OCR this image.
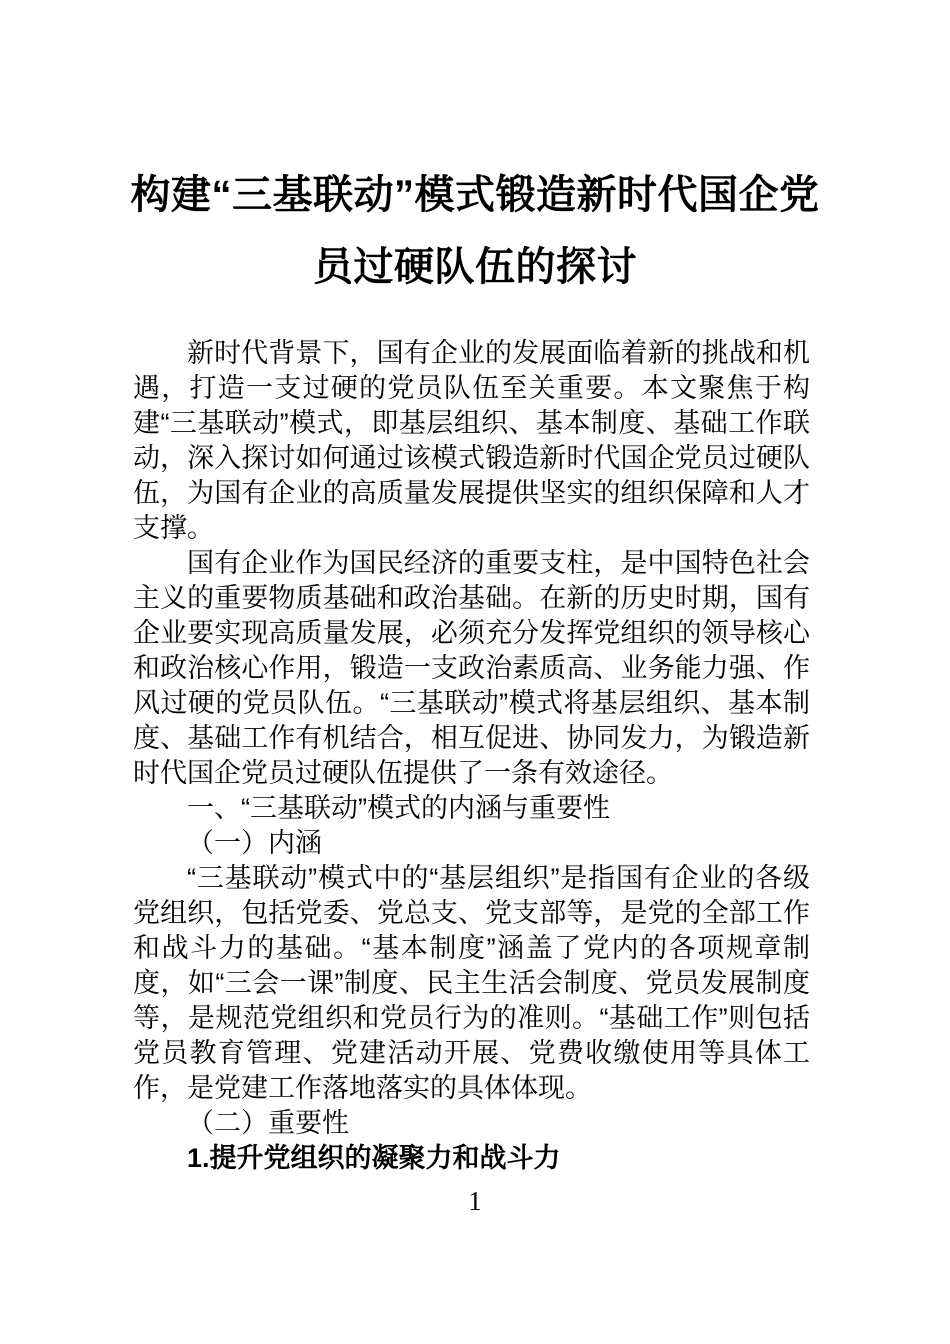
构建“三基联动”模式锻造新时代国企党员过硬队伍的探讨

新时代背景下，国有企业的发展面临着新的挑战和机遇，打造一支过硬的党员队伍至关重要。本文聚焦于构建“三基联动”模式，即基层组织、基本制度、基础工作联动，深入探讨如何通过该模式锻造新时代国企党员过硬队伍，为国有企业的高质量发展提供坚实的组织保障和人才支撑。

国有企业作为国民经济的重要支柱，是中国特色社会主义的重要物质基础和政治基础。在新的历史时期，国有企业要实现高质量发展，必须充分发挥党组织的领导核心和政治核心作用，锻造一支政治素质高、业务能力强、作风过硬的党员队伍。“三基联动”模式将基层组织、基本制度、基础工作有机结合，相互促进、协同发力，为锻造新时代国企党员过硬队伍提供了一条有效途径。

一、“三基联动”模式的内涵与重要性

（一）内涵

“三基联动”模式中的“基层组织”是指国有企业的各级党组织，包括党委、党总支、党支部等，是党的全部工作和战斗力的基础。“基本制度”涵盖了党内的各项规章制度，如“三会一课”制度、民主生活会制度、党员发展制度等，是规范党组织和党员行为的准则。“基础工作”则包括党员教育管理、党建活动开展、党费收缴使用等具体工作，是党建工作落地落实的具体体现。

（二）重要性

1.提升党组织的凝聚力和战斗力

1
